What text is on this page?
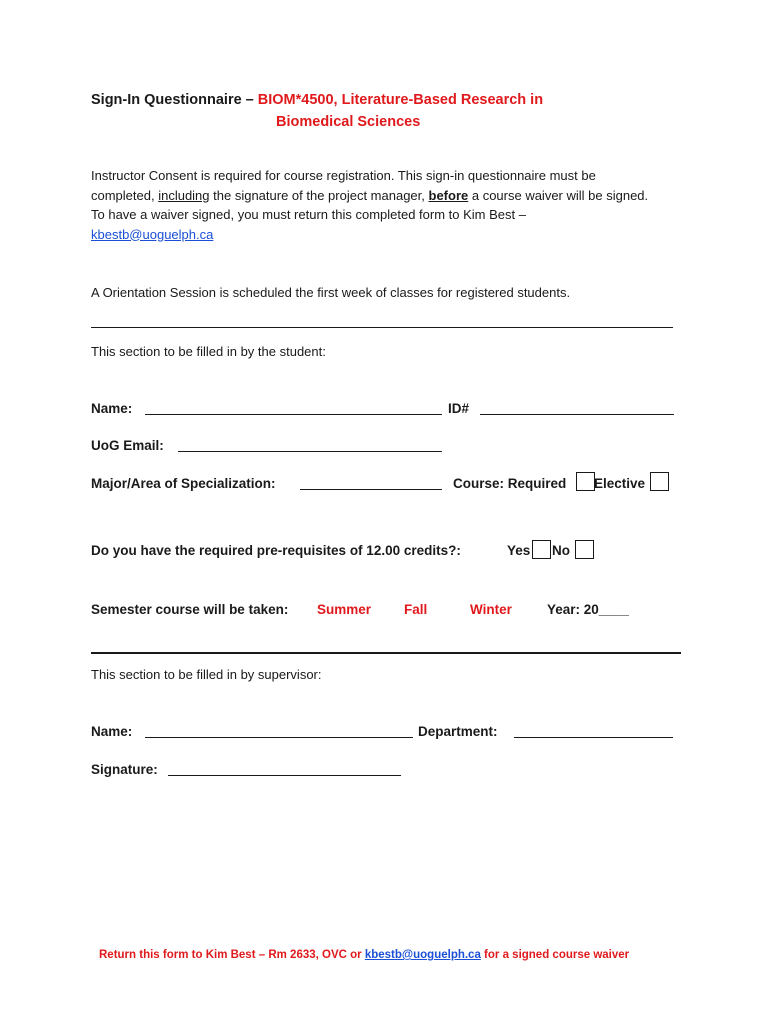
Sign-In Questionnaire – BIOM*4500, Literature-Based Research in
Biomedical Sciences
Instructor Consent is required for course registration. This sign-in questionnaire must be completed, including the signature of the project manager, before a course waiver will be signed.
To have a waiver signed, you must return this completed form to Kim Best –
kbestb@uoguelph.ca
A Orientation Session is scheduled the first week of classes for registered students.
This section to be filled in by the student:
Name:	ID#
UoG Email:
Major/Area of Specialization:	Course: Required Elective
Do you have the required pre-requisites of 12.00 credits?:	Yes No
Semester course will be taken: Summer Fall	Winter	Year: 20____
This section to be filled in by supervisor:
Name:	Department:
Signature:
Return this form to Kim Best – Rm 2633, OVC or kbestb@uoguelph.ca for a signed course waiver
